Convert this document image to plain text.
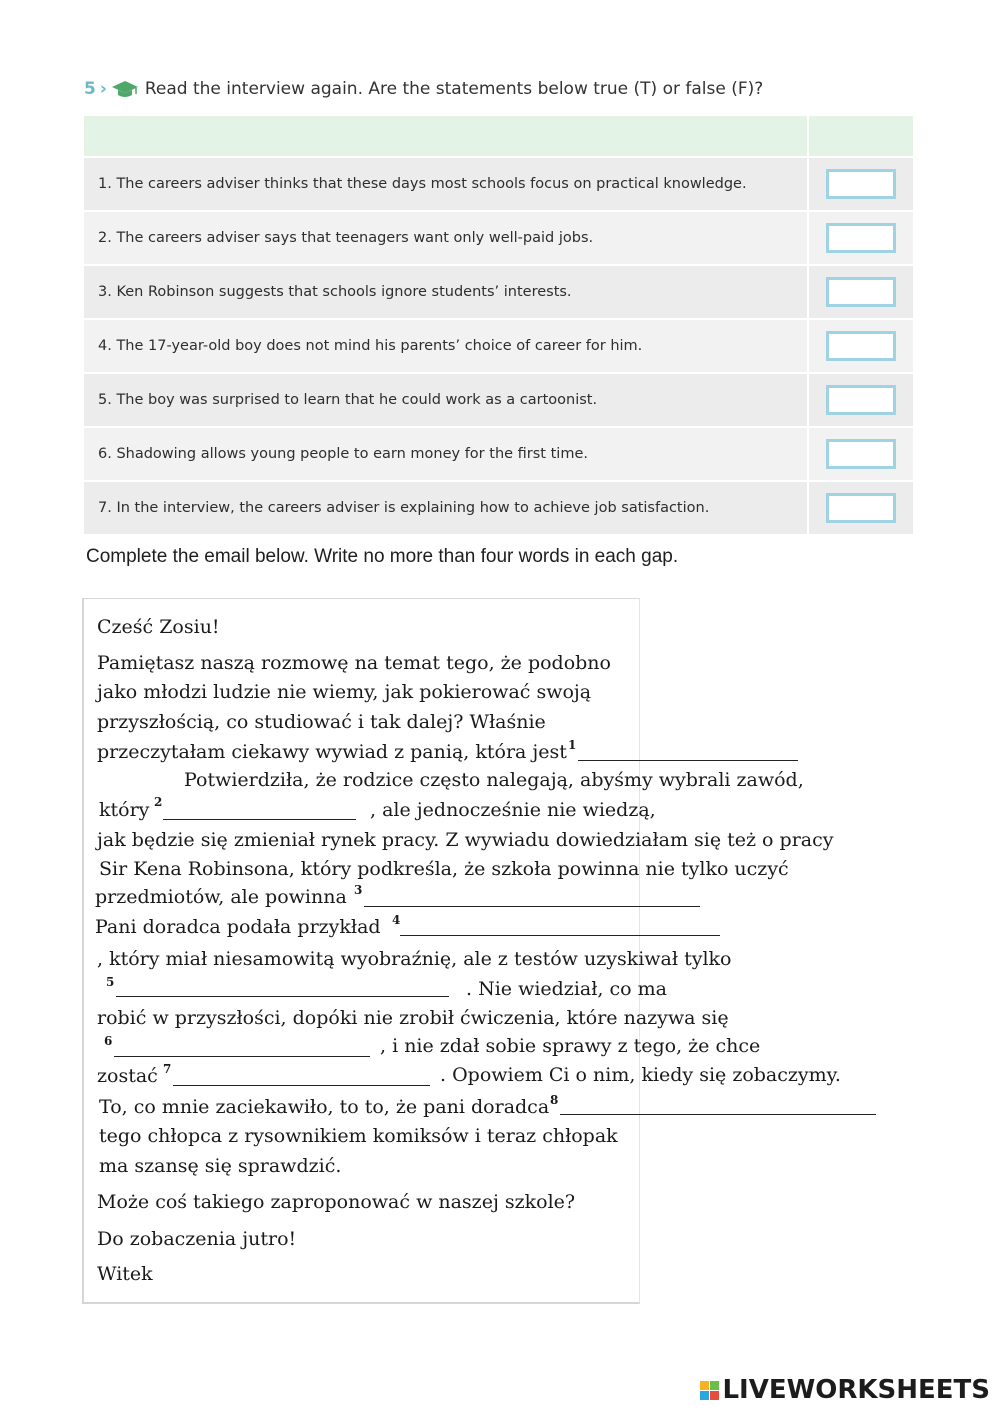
5 › Read the interview again. Are the statements below true (T) or false (F)?
1. The careers adviser thinks that these days most schools focus on practical knowledge.
2. The careers adviser says that teenagers want only well-paid jobs.
3. Ken Robinson suggests that schools ignore students’ interests.
4. The 17-year-old boy does not mind his parents’ choice of career for him.
5. The boy was surprised to learn that he could work as a cartoonist.
6. Shadowing allows young people to earn money for the first time.
7. In the interview, the careers adviser is explaining how to achieve job satisfaction.
Complete the email below. Write no more than four words in each gap.
Cześć Zosiu!
Pamiętasz naszą rozmowę na temat tego, że podobno
jako młodzi ludzie nie wiemy, jak pokierować swoją
przyszłością, co studiować i tak dalej? Właśnie
przeczytałam ciekawy wywiad z panią, która jest 1
Potwierdziła, że rodzice często nalegają, abyśmy wybrali zawód,
który 2	, ale jednocześnie nie wiedzą,
jak będzie się zmieniał rynek pracy. Z wywiadu dowiedziałam się też o pracy
Sir Kena Robinsona, który podkreśla, że szkoła powinna nie tylko uczyć
przedmiotów, ale powinna 3
Pani doradca podała przykład 4
, który miał niesamowitą wyobraźnię, ale z testów uzyskiwał tylko
5	. Nie wiedział, co ma
robić w przyszłości, dopóki nie zrobił ćwiczenia, które nazywa się
6	, i nie zdał sobie sprawy z tego, że chce
zostać 7	. Opowiem Ci o nim, kiedy się zobaczymy.
To, co mnie zaciekawiło, to to, że pani doradca 8
tego chłopca z rysownikiem komiksów i teraz chłopak
ma szansę się sprawdzić.
Może coś takiego zaproponować w naszej szkole?
Do zobaczenia jutro!
Witek
LIVEWORKSHEETS
